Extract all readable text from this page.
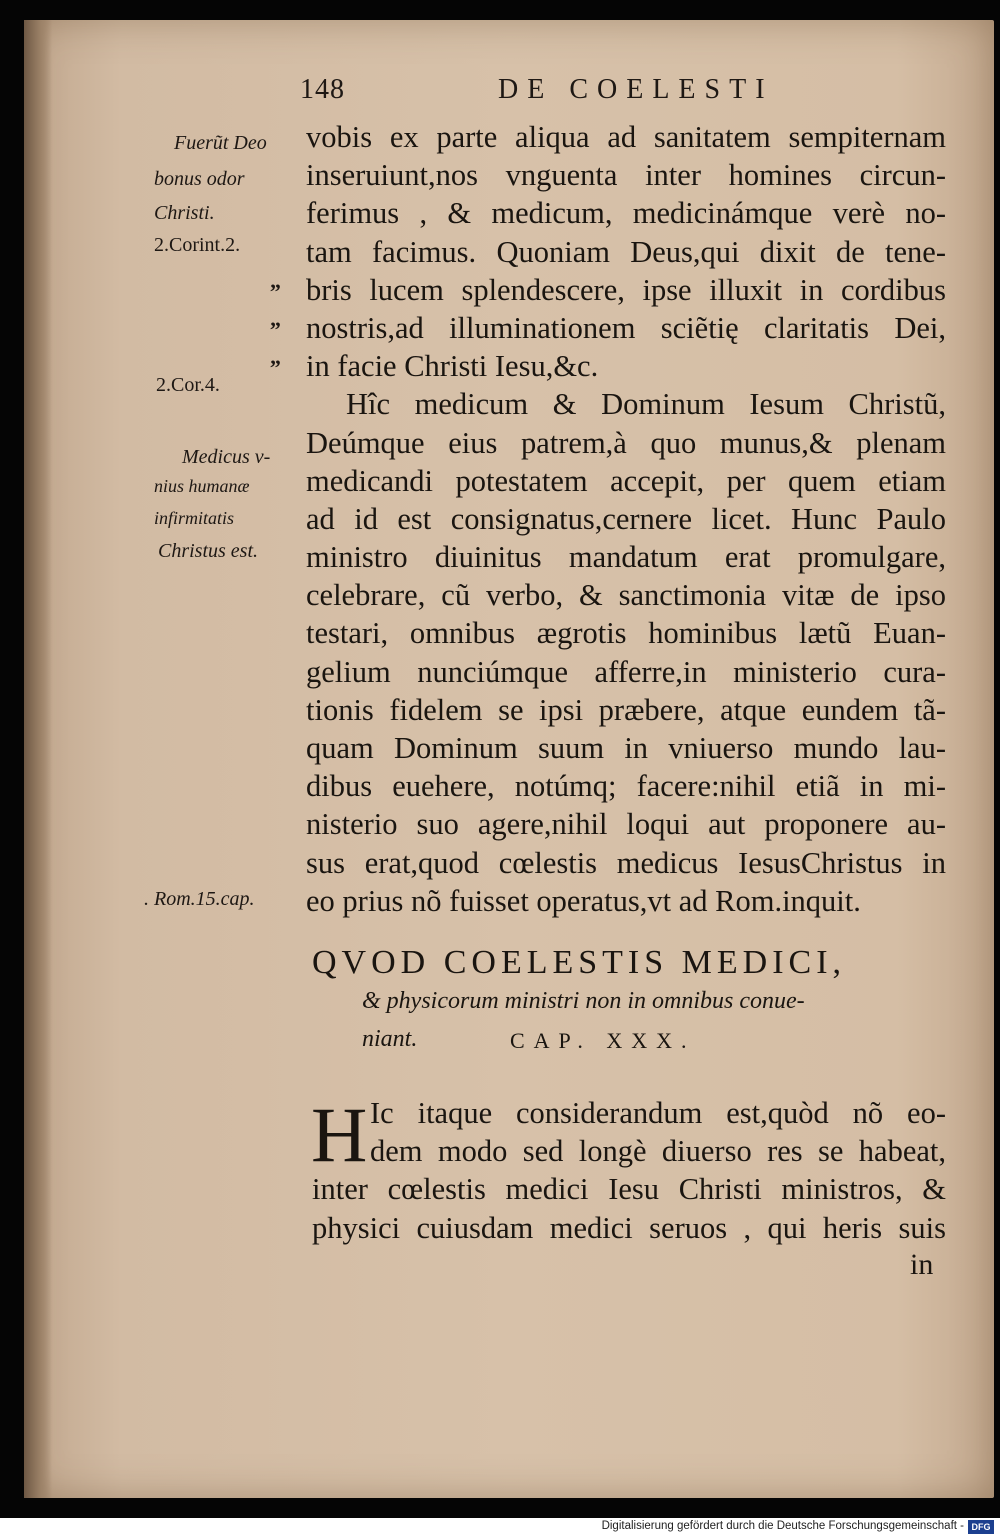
148	DE COELESTI
Fuerũt Deo
bonus odor
Christi.
2.Corint.2.
2.Cor.4.
Medicus v-
nius humanæ
infirmitatis
Christus est.
. Rom.15.cap.
„
„
„
vobis ex parte aliqua ad sanitatem sempiternam
inseruiunt,nos vnguenta inter homines circun-
ferimus , & medicum, medicinámque verè no-
tam facimus. Quoniam Deus,qui dixit de tene-
bris lucem splendescere, ipse illuxit in cordibus
nostris,ad illuminationem sciẽtię claritatis Dei,
in facie Christi Iesu,&c.
Hîc medicum & Dominum Iesum Christũ,
Deúmque eius patrem,à quo munus,& plenam
medicandi potestatem accepit, per quem etiam
ad id est consignatus,cernere licet. Hunc Paulo
ministro diuinitus mandatum erat promulgare,
celebrare, cũ verbo, & sanctimonia vitæ de ipso
testari, omnibus ægrotis hominibus lætũ Euan-
gelium nunciúmque afferre,in ministerio cura-
tionis fidelem se ipsi præbere, atque eundem tã-
quam Dominum suum in vniuerso mundo lau-
dibus euehere, notúmq; facere:nihil etiã in mi-
nisterio suo agere,nihil loqui aut proponere au-
sus erat,quod cœlestis medicus IesusChristus in
eo prius nõ fuisset operatus,vt ad Rom.inquit.
QVOD COELESTIS MEDICI,
& physicorum ministri non in omnibus conue-
niant.	CAP. XXX.
H Ic itaque considerandum est,quòd nõ eo-
dem modo sed longè diuerso res se habeat,
inter cœlestis medici Iesu Christi ministros, &
physici cuiusdam medici seruos , qui heris suis
in
Digitalisierung gefördert durch die Deutsche Forschungsgemeinschaft - DFG
